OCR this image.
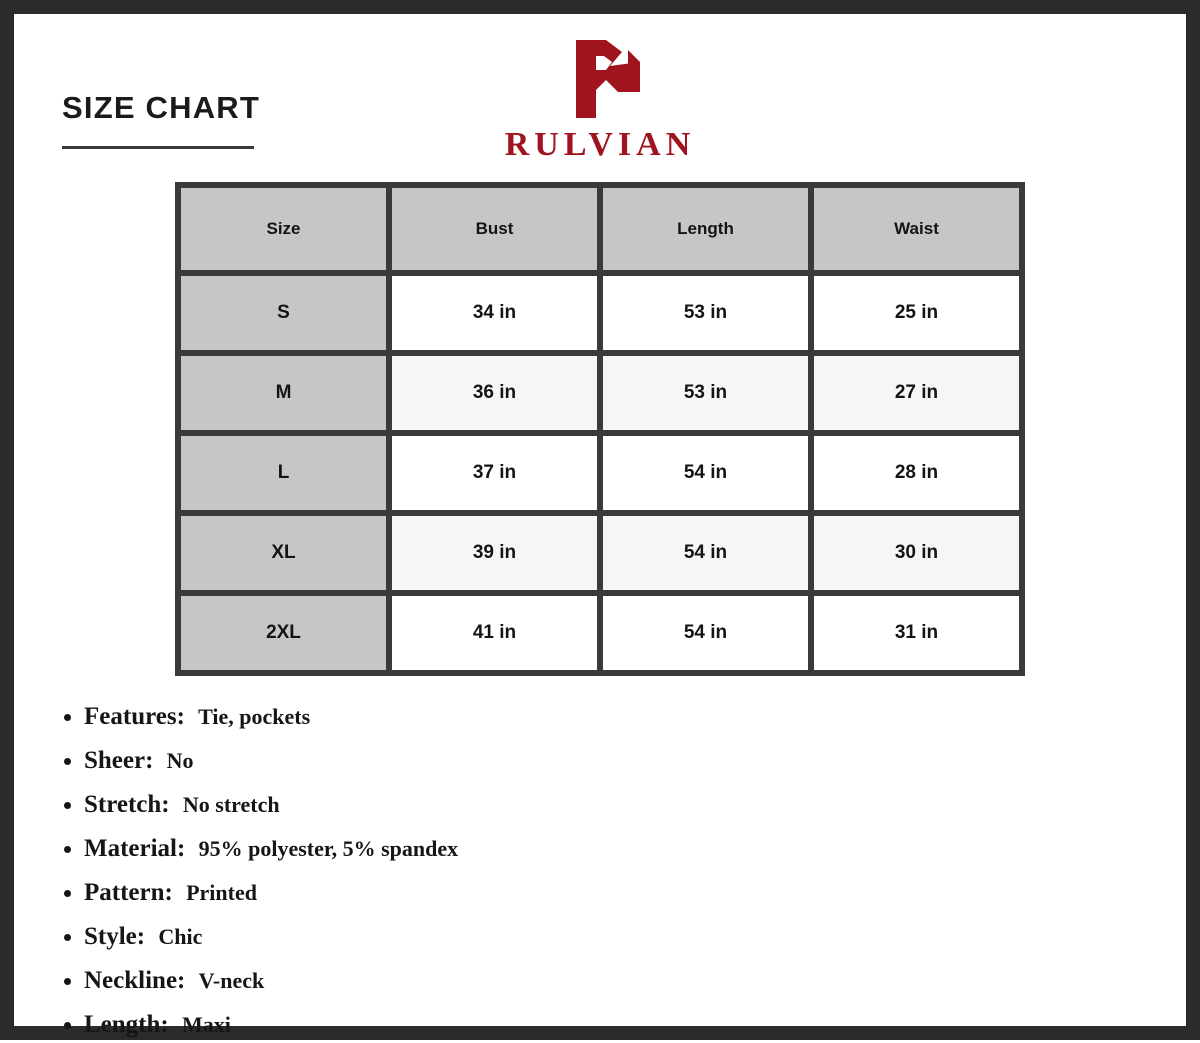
SIZE CHART
RULVIAN
Size	Bust	Length	Waist
S	34 in	53 in	25 in
M	36 in	53 in	27 in
L	37 in	54 in	28 in
XL	39 in	54 in	30 in
2XL	41 in	54 in	31 in
Features: Tie, pockets
Sheer: No
Stretch: No stretch
Material: 95% polyester, 5% spandex
Pattern: Printed
Style: Chic
Neckline: V-neck
Length: Maxi
